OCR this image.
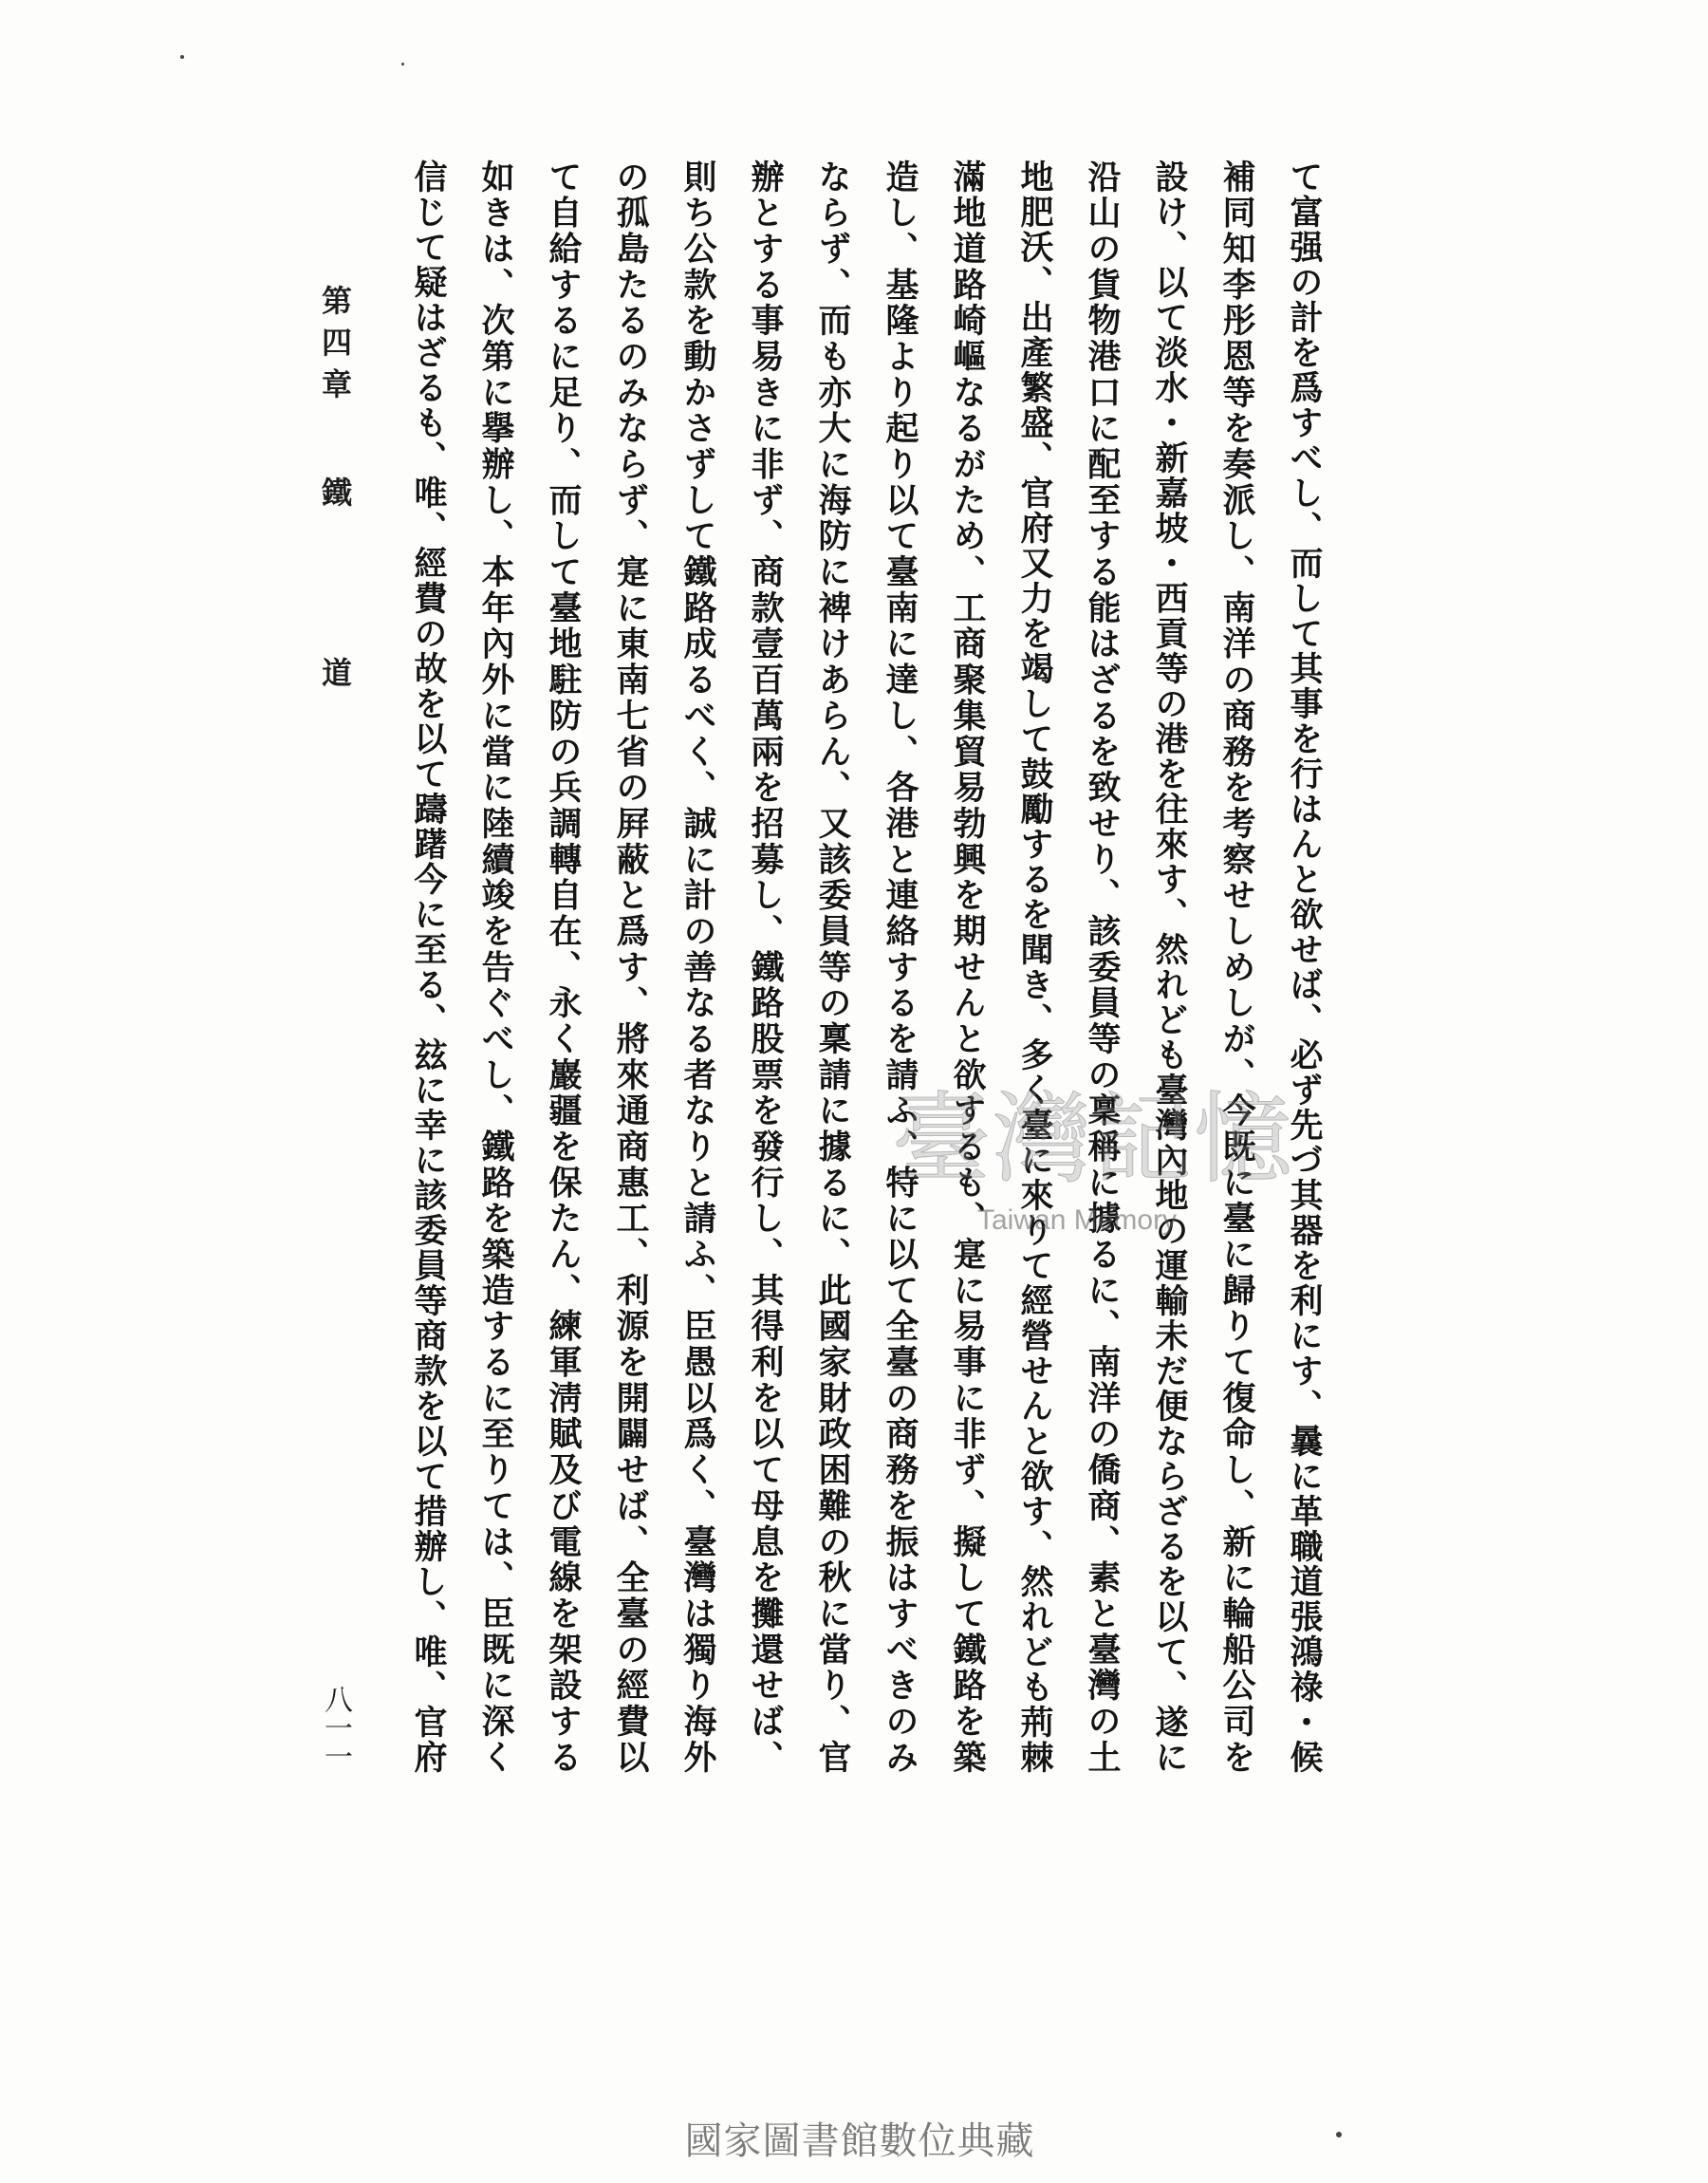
第四章
鐵
道	て富强の計を爲すべし、而して其事を行はんと欲せば、必ず先づ其器を利にす、曩に革職道張鴻祿・候
補同知李彤恩等を奏派し、南洋の商務を考察せしめしが、今既に臺に歸りて復命し、新に輪船公司を
設け、以て淡水・新嘉坡・西貢等の港を往來す、然れども臺灣內地の運輸未だ便ならざるを以て、遂に
沿山の貨物港口に配至する能はざるを致せり、該委員等の稟稱に據るに、南洋の僑商、素と臺灣の土
地肥沃、出產繁盛、官府又力を竭して鼓勵するを聞き、多く臺に來りて經營せんと欲す、然れども荊棘
滿地道路崎嶇なるがため、工商聚集貿易勃興を期せんと欲するも、寔に易事に非ず、擬して鐵路を築
造し、基隆より起り以て臺南に達し、各港と連絡するを請ふ、特に以て全臺の商務を振はすべきのみ
ならず、而も亦大に海防に裨けあらん、又該委員等の稟請に據るに、此國家財政困難の秋に當り、官
辦とする事易きに非ず、商款壹百萬兩を招募し、鐵路股票を發行し、其得利を以て母息を攤還せば、
則ち公款を動かさずして鐵路成るべく、誠に計の善なる者なりと請ふ、臣愚以爲く、臺灣は獨り海外
の孤島たるのみならず、寔に東南七省の屛蔽と爲す、將來通商惠工、利源を開闢せば、全臺の經費以
て自給するに足り、而して臺地駐防の兵調轉自在、永く巖疆を保たん、練軍淸賦及び電線を架設する
如きは、次第に擧辦し、本年內外に當に陸續竣を告ぐべし、鐵路を築造するに至りては、臣既に深く
信じて疑はざるも、唯、經費の故を以て躊躇今に至る、玆に幸に該委員等商款を以て措辦し、唯、官府
八一一
臺灣記憶
Taiwan Memory
國家圖書館數位典藏
